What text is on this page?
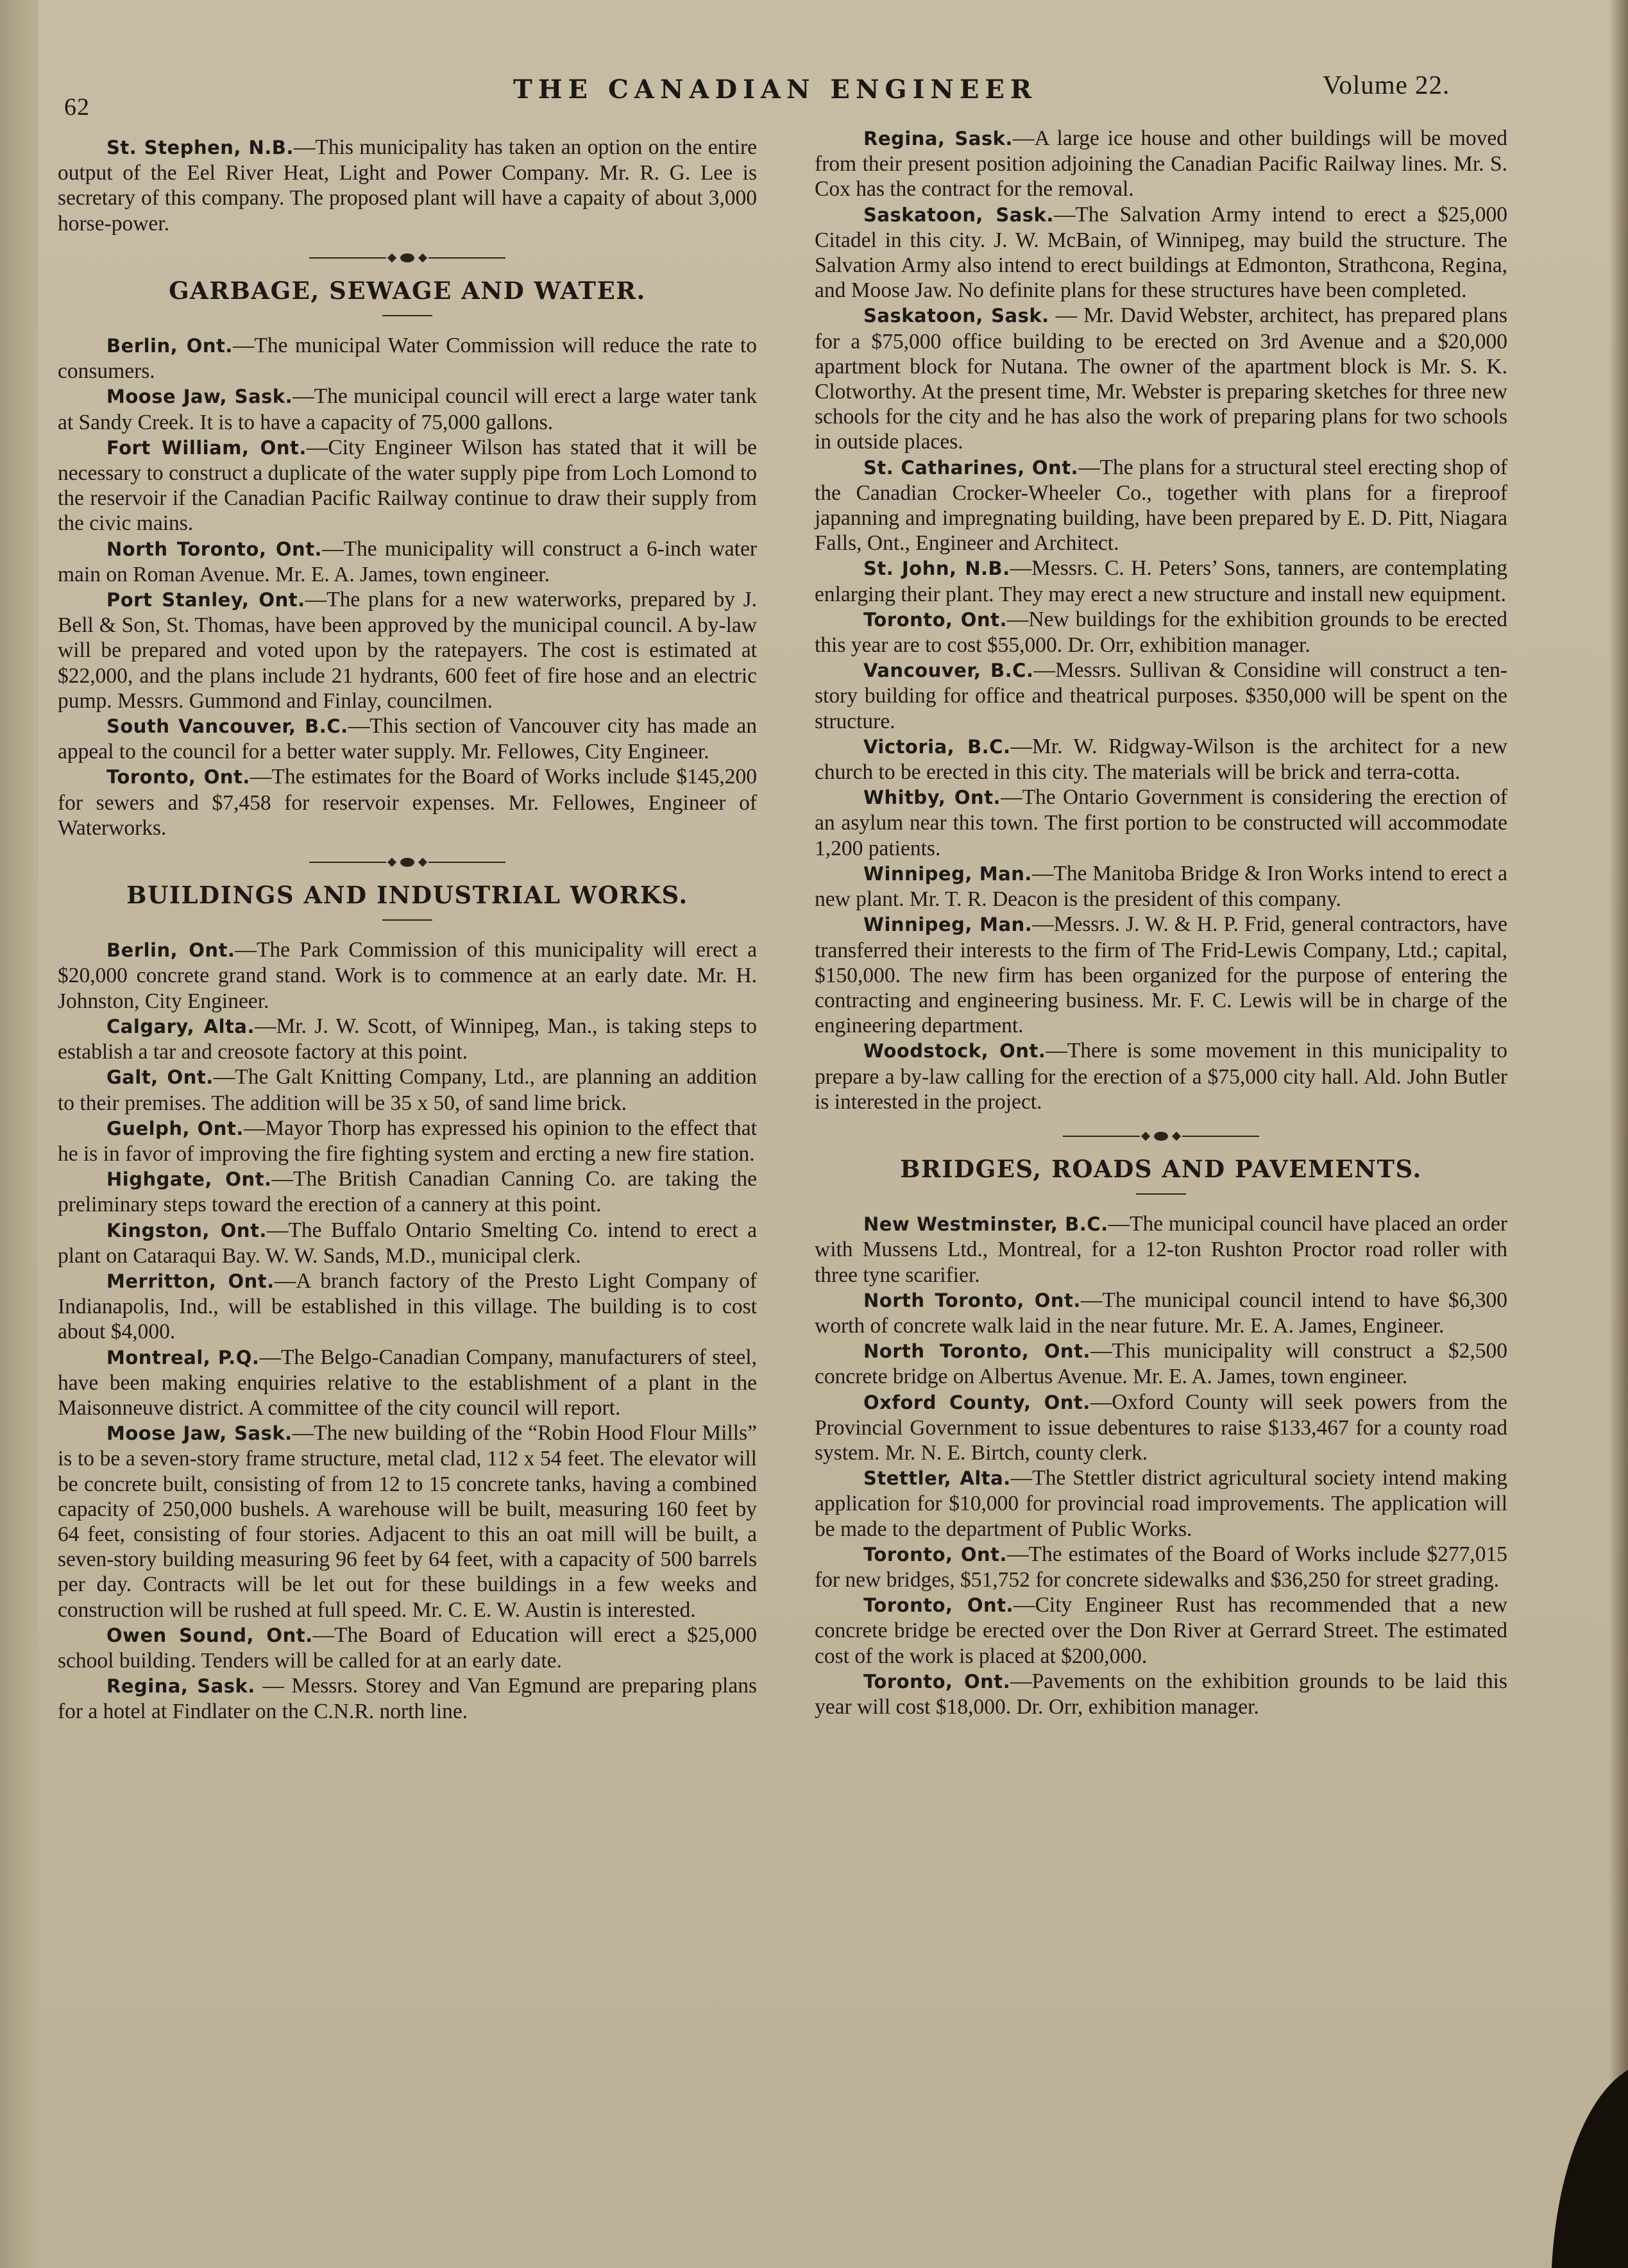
62
THE CANADIAN ENGINEER	Volume 22.

St. Stephen, N.B.—This municipality has taken an option on the entire output of the Eel River Heat, Light and Power Company. Mr. R. G. Lee is secretary of this company. The proposed plant will have a capaity of about 3,000 horse-power.

GARBAGE, SEWAGE AND WATER.

Berlin, Ont.—The municipal Water Commission will reduce the rate to consumers.

Moose Jaw, Sask.—The municipal council will erect a large water tank at Sandy Creek. It is to have a capacity of 75,000 gallons.

Fort William, Ont.—City Engineer Wilson has stated that it will be necessary to construct a duplicate of the water supply pipe from Loch Lomond to the reservoir if the Canadian Pacific Railway continue to draw their supply from the civic mains.

North Toronto, Ont.—The municipality will construct a 6-inch water main on Roman Avenue. Mr. E. A. James, town engineer.

Port Stanley, Ont.—The plans for a new waterworks, prepared by J. Bell & Son, St. Thomas, have been approved by the municipal council. A by-law will be prepared and voted upon by the ratepayers. The cost is estimated at $22,000, and the plans include 21 hydrants, 600 feet of fire hose and an electric pump. Messrs. Gummond and Finlay, councilmen.

South Vancouver, B.C.—This section of Vancouver city has made an appeal to the council for a better water supply. Mr. Fellowes, City Engineer.

Toronto, Ont.—The estimates for the Board of Works include $145,200 for sewers and $7,458 for reservoir expenses. Mr. Fellowes, Engineer of Waterworks.

BUILDINGS AND INDUSTRIAL WORKS.

Berlin, Ont.—The Park Commission of this municipality will erect a $20,000 concrete grand stand. Work is to commence at an early date. Mr. H. Johnston, City Engineer.

Calgary, Alta.—Mr. J. W. Scott, of Winnipeg, Man., is taking steps to establish a tar and creosote factory at this point.

Galt, Ont.—The Galt Knitting Company, Ltd., are planning an addition to their premises. The addition will be 35 x 50, of sand lime brick.

Guelph, Ont.—Mayor Thorp has expressed his opinion to the effect that he is in favor of improving the fire fighting system and ercting a new fire station.

Highgate, Ont.—The British Canadian Canning Co. are taking the preliminary steps toward the erection of a cannery at this point.

Kingston, Ont.—The Buffalo Ontario Smelting Co. intend to erect a plant on Cataraqui Bay. W. W. Sands, M.D., municipal clerk.

Merritton, Ont.—A branch factory of the Presto Light Company of Indianapolis, Ind., will be established in this village. The building is to cost about $4,000.

Montreal, P.Q.—The Belgo-Canadian Company, manufacturers of steel, have been making enquiries relative to the establishment of a plant in the Maisonneuve district. A committee of the city council will report.

Moose Jaw, Sask.—The new building of the “Robin Hood Flour Mills” is to be a seven-story frame structure, metal clad, 112 x 54 feet. The elevator will be concrete built, consisting of from 12 to 15 concrete tanks, having a combined capacity of 250,000 bushels. A warehouse will be built, measuring 160 feet by 64 feet, consisting of four stories. Adjacent to this an oat mill will be built, a seven-story building measuring 96 feet by 64 feet, with a capacity of 500 barrels per day. Contracts will be let out for these buildings in a few weeks and construction will be rushed at full speed. Mr. C. E. W. Austin is interested.

Owen Sound, Ont.—The Board of Education will erect a $25,000 school building. Tenders will be called for at an early date.

Regina, Sask. — Messrs. Storey and Van Egmund are preparing plans for a hotel at Findlater on the C.N.R. north line.

Regina, Sask.—A large ice house and other buildings will be moved from their present position adjoining the Canadian Pacific Railway lines. Mr. S. Cox has the contract for the removal.

Saskatoon, Sask.—The Salvation Army intend to erect a $25,000 Citadel in this city. J. W. McBain, of Winnipeg, may build the structure. The Salvation Army also intend to erect buildings at Edmonton, Strathcona, Regina, and Moose Jaw. No definite plans for these structures have been completed.

Saskatoon, Sask. — Mr. David Webster, architect, has prepared plans for a $75,000 office building to be erected on 3rd Avenue and a $20,000 apartment block for Nutana. The owner of the apartment block is Mr. S. K. Clotworthy. At the present time, Mr. Webster is preparing sketches for three new schools for the city and he has also the work of preparing plans for two schools in outside places.

St. Catharines, Ont.—The plans for a structural steel erecting shop of the Canadian Crocker-Wheeler Co., together with plans for a fireproof japanning and impregnating building, have been prepared by E. D. Pitt, Niagara Falls, Ont., Engineer and Architect.

St. John, N.B.—Messrs. C. H. Peters’ Sons, tanners, are contemplating enlarging their plant. They may erect a new structure and install new equipment.

Toronto, Ont.—New buildings for the exhibition grounds to be erected this year are to cost $55,000. Dr. Orr, exhibition manager.

Vancouver, B.C.—Messrs. Sullivan & Considine will construct a ten-story building for office and theatrical purposes. $350,000 will be spent on the structure.

Victoria, B.C.—Mr. W. Ridgway-Wilson is the architect for a new church to be erected in this city. The materials will be brick and terra-cotta.

Whitby, Ont.—The Ontario Government is considering the erection of an asylum near this town. The first portion to be constructed will accommodate 1,200 patients.

Winnipeg, Man.—The Manitoba Bridge & Iron Works intend to erect a new plant. Mr. T. R. Deacon is the president of this company.

Winnipeg, Man.—Messrs. J. W. & H. P. Frid, general contractors, have transferred their interests to the firm of The Frid-Lewis Company, Ltd.; capital, $150,000. The new firm has been organized for the purpose of entering the contracting and engineering business. Mr. F. C. Lewis will be in charge of the engineering department.

Woodstock, Ont.—There is some movement in this municipality to prepare a by-law calling for the erection of a $75,000 city hall. Ald. John Butler is interested in the project.

BRIDGES, ROADS AND PAVEMENTS.

New Westminster, B.C.—The municipal council have placed an order with Mussens Ltd., Montreal, for a 12-ton Rushton Proctor road roller with three tyne scarifier.

North Toronto, Ont.—The municipal council intend to have $6,300 worth of concrete walk laid in the near future. Mr. E. A. James, Engineer.

North Toronto, Ont.—This municipality will construct a $2,500 concrete bridge on Albertus Avenue. Mr. E. A. James, town engineer.

Oxford County, Ont.—Oxford County will seek powers from the Provincial Government to issue debentures to raise $133,467 for a county road system. Mr. N. E. Birtch, county clerk.

Stettler, Alta.—The Stettler district agricultural society intend making application for $10,000 for provincial road improvements. The application will be made to the department of Public Works.

Toronto, Ont.—The estimates of the Board of Works include $277,015 for new bridges, $51,752 for concrete sidewalks and $36,250 for street grading.

Toronto, Ont.—City Engineer Rust has recommended that a new concrete bridge be erected over the Don River at Gerrard Street. The estimated cost of the work is placed at $200,000.

Toronto, Ont.—Pavements on the exhibition grounds to be laid this year will cost $18,000. Dr. Orr, exhibition manager.
